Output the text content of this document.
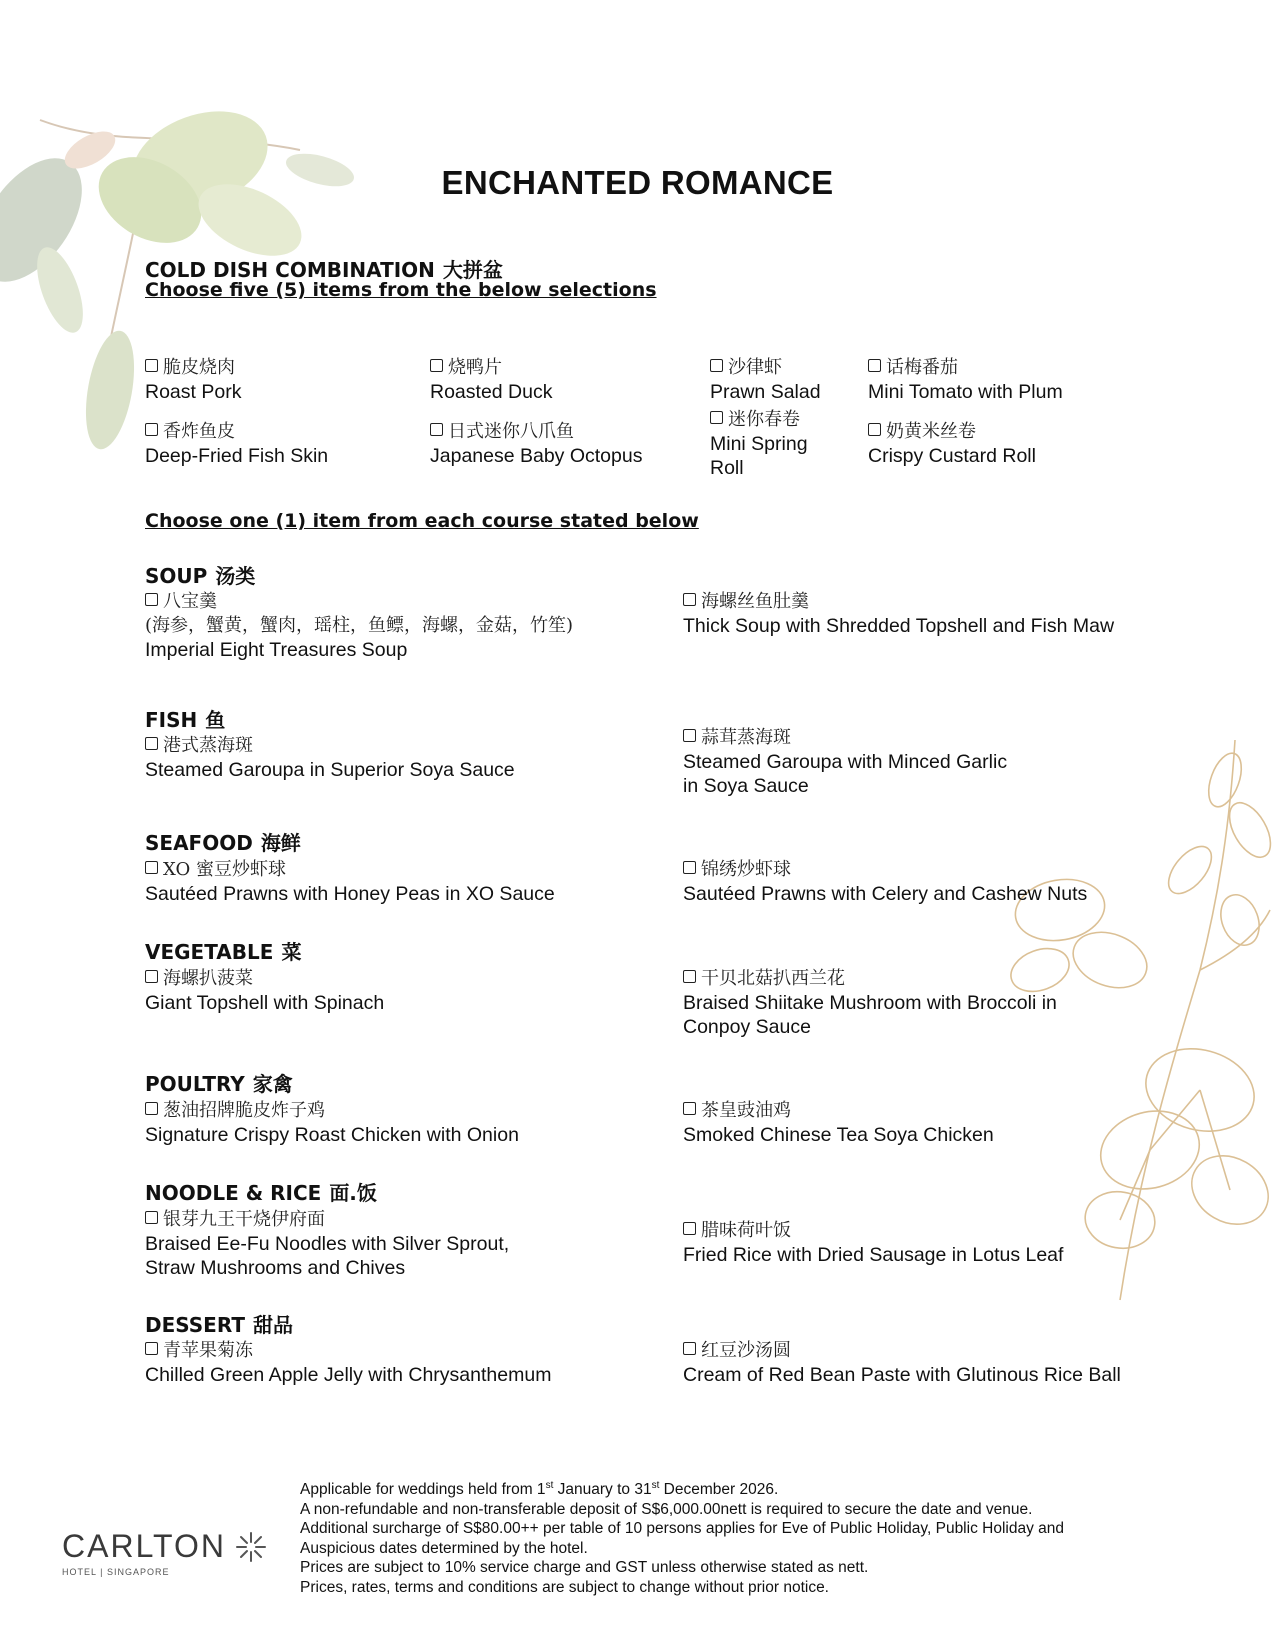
ENCHANTED ROMANCE
COLD DISH COMBINATION 大拼盆
Choose five (5) items from the below selections
脆皮烧肉
Roast Pork
烧鸭片
Roasted Duck
沙律虾
Prawn Salad
话梅番茄
Mini Tomato with Plum
香炸鱼皮
Deep-Fried Fish Skin
日式迷你八爪鱼
Japanese Baby Octopus
迷你春卷
Mini Spring
Roll
奶黄米丝卷
Crispy Custard Roll
Choose one (1) item from each course stated below
SOUP 汤类
八宝羹
(海参，蟹黄，蟹肉，瑶柱，鱼鳔，海螺，金菇，竹笙)
Imperial Eight Treasures Soup
海螺丝鱼肚羹
Thick Soup with Shredded Topshell and Fish Maw
FISH 鱼
港式蒸海斑
Steamed Garoupa in Superior Soya Sauce
蒜茸蒸海斑
Steamed Garoupa with Minced Garlic
in Soya Sauce
SEAFOOD 海鲜
XO 蜜豆炒虾球
Sautéed Prawns with Honey Peas in XO Sauce
锦绣炒虾球
Sautéed Prawns with Celery and Cashew Nuts
VEGETABLE 菜
海螺扒菠菜
Giant Topshell with Spinach
干贝北菇扒西兰花
Braised Shiitake Mushroom with Broccoli in
Conpoy Sauce
POULTRY 家禽
葱油招牌脆皮炸子鸡
Signature Crispy Roast Chicken with Onion
茶皇豉油鸡
Smoked Chinese Tea Soya Chicken
NOODLE & RICE 面.饭
银芽九王干烧伊府面
Braised Ee-Fu Noodles with Silver Sprout,
Straw Mushrooms and Chives
腊味荷叶饭
Fried Rice with Dried Sausage in Lotus Leaf
DESSERT 甜品
青苹果菊冻
Chilled Green Apple Jelly with Chrysanthemum
红豆沙汤圆
Cream of Red Bean Paste with Glutinous Rice Ball
CARLTON
HOTEL | SINGAPORE

Applicable for weddings held from 1st January to 31st December 2026.

A non-refundable and non-transferable deposit of S$6,000.00nett is required to secure the date and venue.

Additional surcharge of S$80.00++ per table of 10 persons applies for Eve of Public Holiday, Public Holiday and

Auspicious dates determined by the hotel.

Prices are subject to 10% service charge and GST unless otherwise stated as nett.

Prices, rates, terms and conditions are subject to change without prior notice.
